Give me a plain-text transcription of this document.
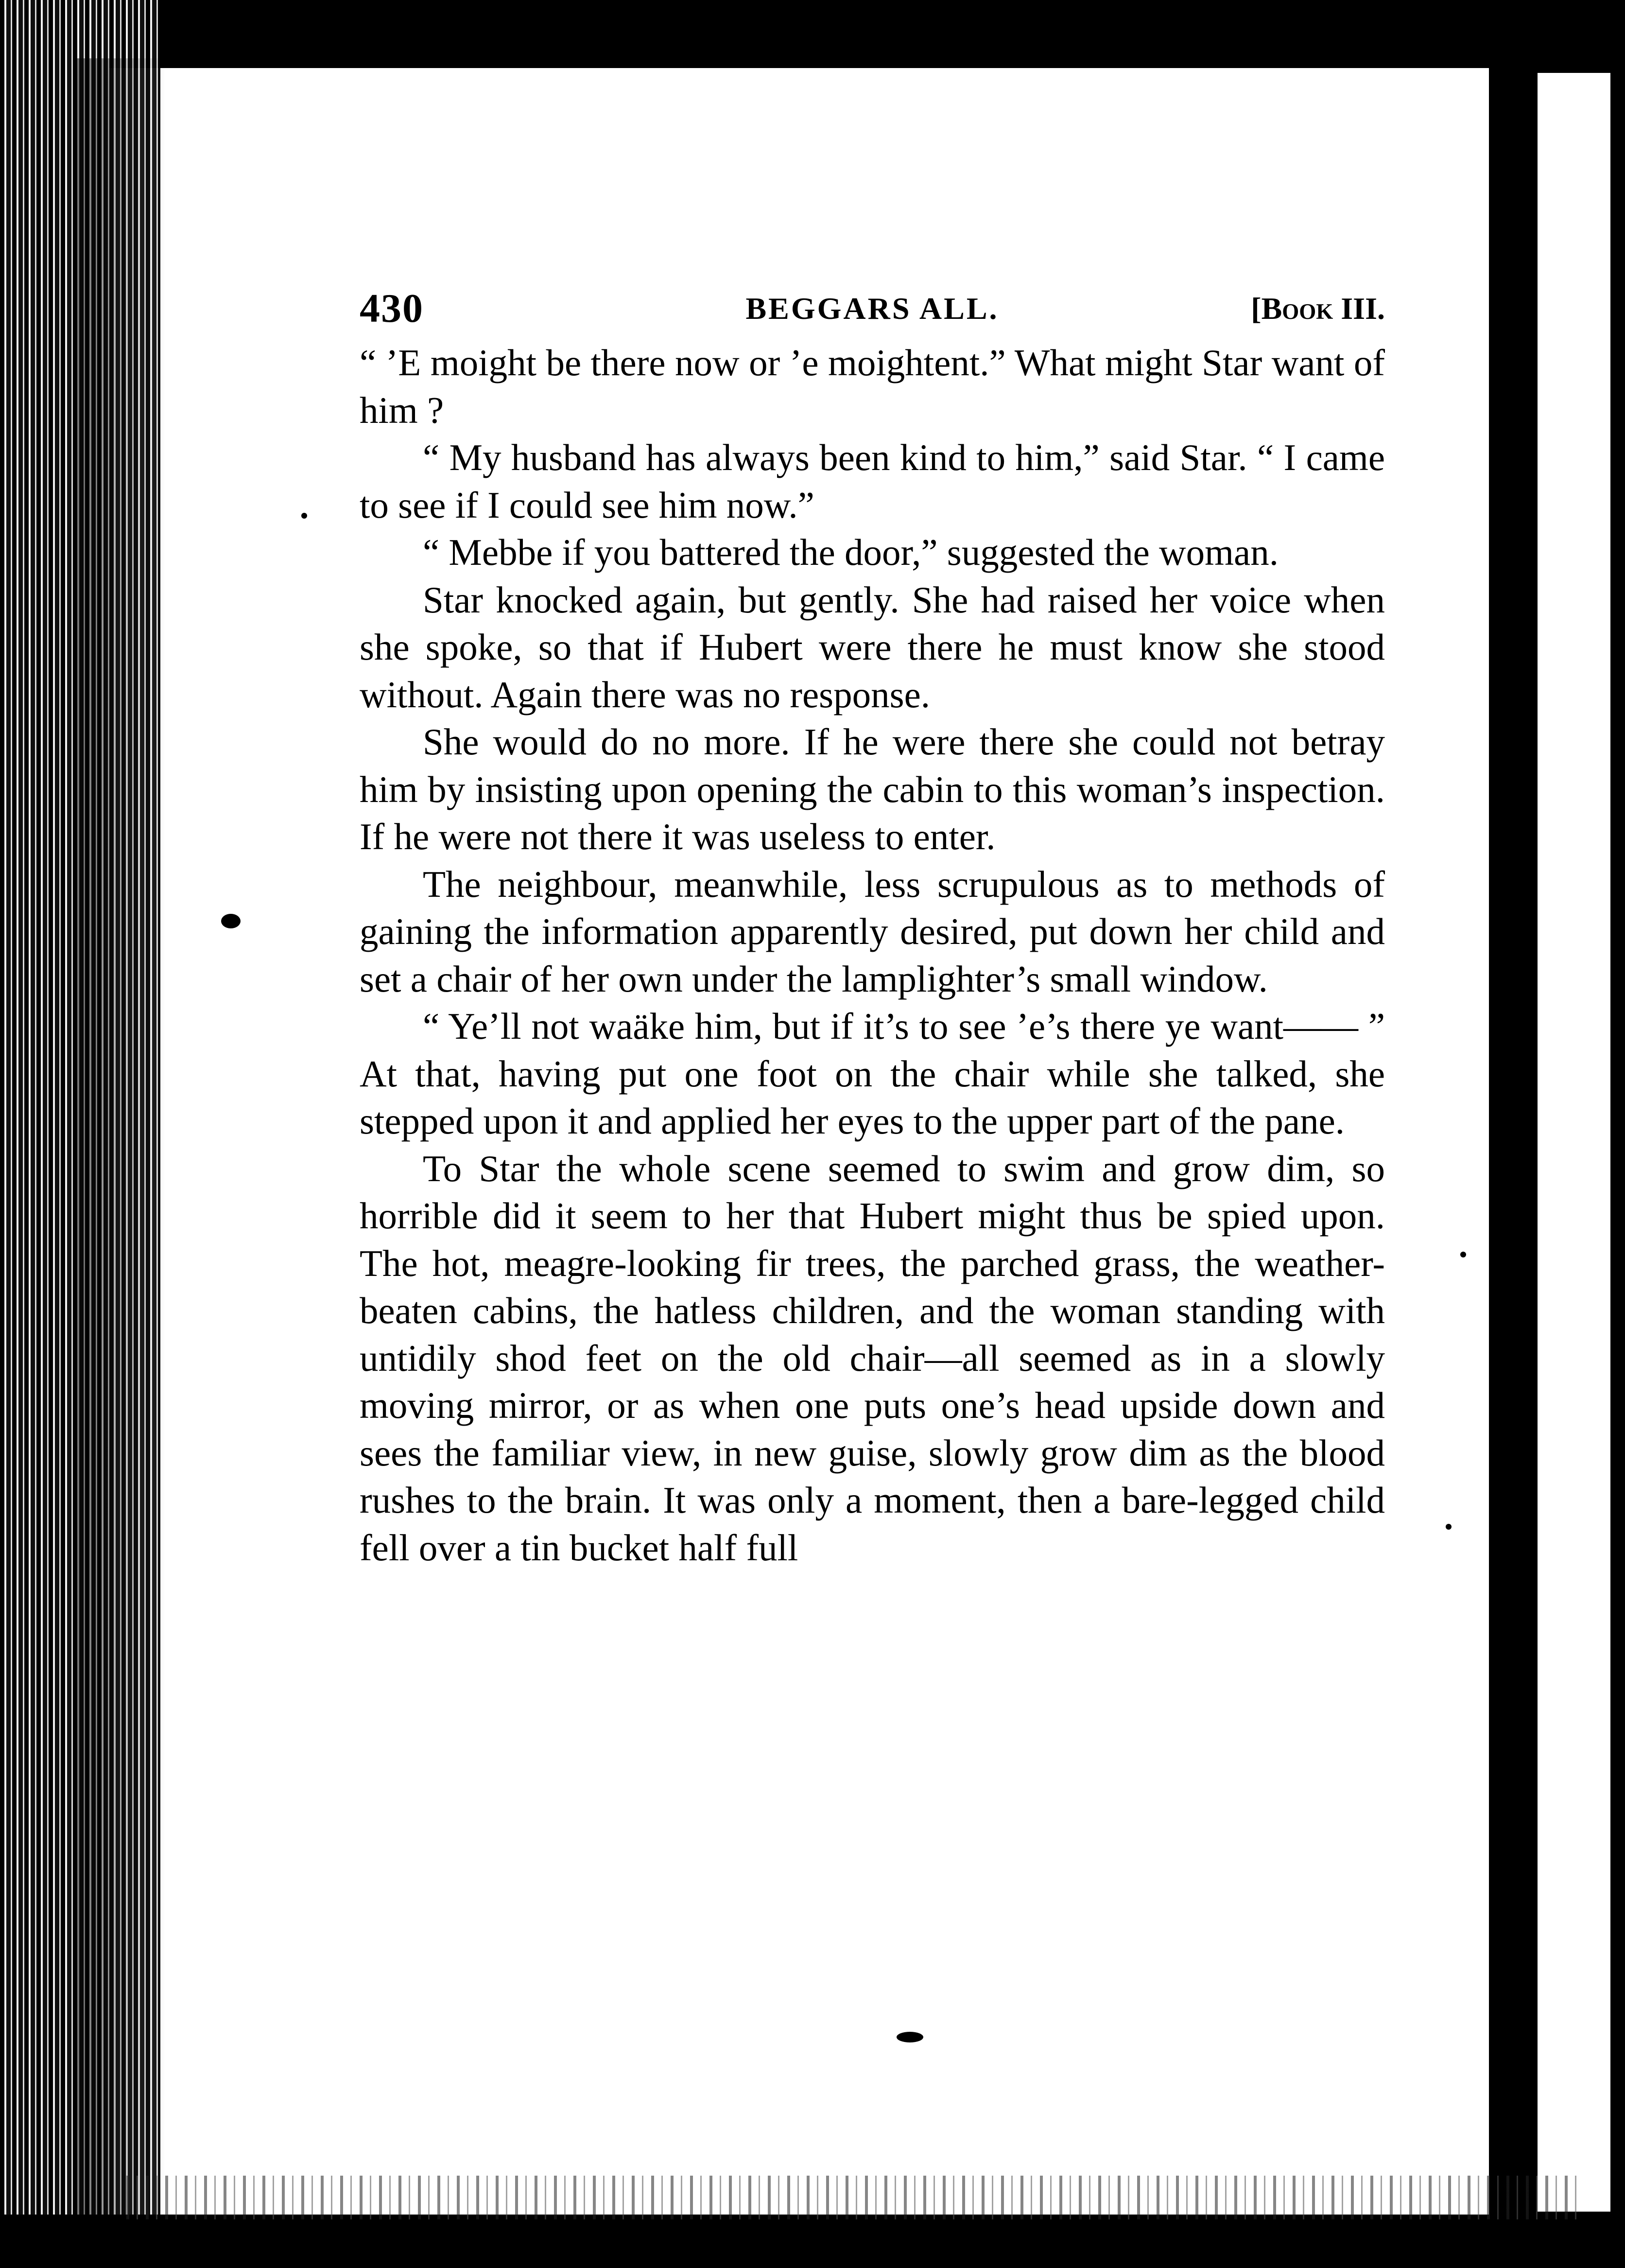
430	BEGGARS ALL.	[Book III.

“ ’E moight be there now or ’e moightent.” What might Star want of him ?

“ My husband has always been kind to him,” said Star. “ I came to see if I could see him now.”

“ Mebbe if you battered the door,” suggested the woman.

Star knocked again, but gently. She had raised her voice when she spoke, so that if Hubert were there he must know she stood without. Again there was no response.

She would do no more. If he were there she could not betray him by insisting upon opening the cabin to this woman’s inspection. If he were not there it was useless to enter.

The neighbour, meanwhile, less scrupulous as to methods of gaining the information apparently desired, put down her child and set a chair of her own under the lamplighter’s small window.

“ Ye’ll not waäke him, but if it’s to see ’e’s there ye want—— ” At that, having put one foot on the chair while she talked, she stepped upon it and applied her eyes to the upper part of the pane.

To Star the whole scene seemed to swim and grow dim, so horrible did it seem to her that Hubert might thus be spied upon. The hot, meagre-looking fir trees, the parched grass, the weather-beaten cabins, the hatless children, and the woman standing with untidily shod feet on the old chair—all seemed as in a slowly moving mirror, or as when one puts one’s head upside down and sees the familiar view, in new guise, slowly grow dim as the blood rushes to the brain. It was only a moment, then a bare-legged child fell over a tin bucket half full
